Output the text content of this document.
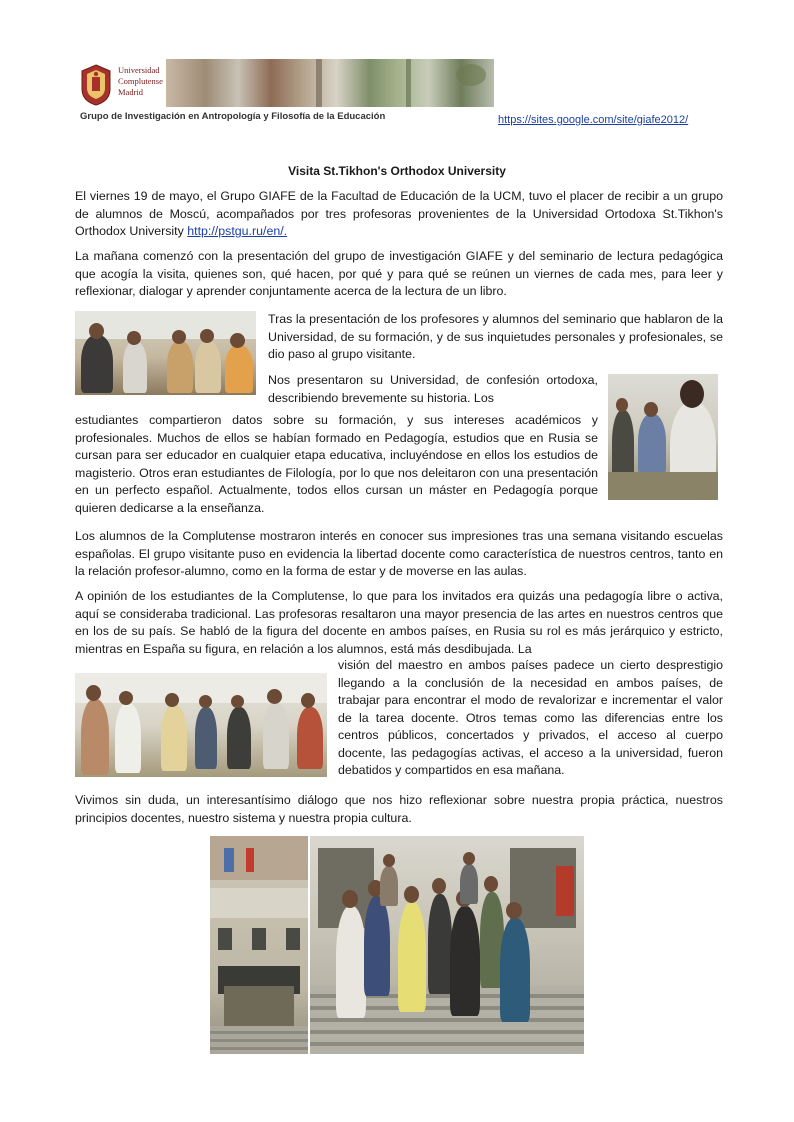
Universidad
Complutense
Madrid
Grupo de Investigación en Antropología y Filosofía de la Educación	https://sites.google.com/site/giafe2012/
Visita St.Tikhon's Orthodox University

El viernes 19 de mayo, el Grupo GIAFE de la Facultad de Educación de la UCM, tuvo el placer de recibir a un grupo de alumnos de Moscú, acompañados por tres profesoras provenientes de la Universidad Ortodoxa St.Tikhon's Orthodox University http://pstgu.ru/en/.

La mañana comenzó con la presentación del grupo de investigación GIAFE y del seminario de lectura pedagógica que acogía la visita, quienes son, qué hacen, por qué y para qué se reúnen un viernes de cada mes, para leer y reflexionar, dialogar y aprender conjuntamente acerca de la lectura de un libro.

Tras la presentación de los profesores y alumnos del seminario que hablaron de la Universidad, de su formación, y de sus inquietudes personales y profesionales, se dio paso al grupo visitante.

Nos presentaron su Universidad, de confesión ortodoxa, describiendo brevemente su historia. Los

estudiantes compartieron datos sobre su formación, y sus intereses académicos y profesionales. Muchos de ellos se habían formado en Pedagogía, estudios que en Rusia se cursan para ser educador en cualquier etapa educativa, incluyéndose en ellos los estudios de magisterio. Otros eran estudiantes de Filología, por lo que nos deleitaron con una presentación en un perfecto español. Actualmente, todos ellos cursan un máster en Pedagogía porque quieren dedicarse a la enseñanza.

Los alumnos de la Complutense mostraron interés en conocer sus impresiones tras una semana visitando escuelas españolas. El grupo visitante puso en evidencia la libertad docente como característica de nuestros centros, tanto en la relación profesor-alumno, como en la forma de estar y de moverse en las aulas.

A opinión de los estudiantes de la Complutense, lo que para los invitados era quizás una pedagogía libre o activa, aquí se consideraba tradicional. Las profesoras resaltaron una mayor presencia de las artes en nuestros centros que en los de su país. Se habló de la figura del docente en ambos países, en Rusia su rol es más jerárquico y estricto, mientras en España su figura, en relación a los alumnos, está más desdibujada. La

visión del maestro en ambos países padece un cierto desprestigio llegando a la conclusión de la necesidad en ambos países, de trabajar para encontrar el modo de revalorizar e incrementar el valor de la tarea docente. Otros temas como las diferencias entre los centros públicos, concertados y privados, el acceso al cuerpo docente, las pedagogías activas, el acceso a la universidad, fueron debatidos y compartidos en esa mañana.

Vivimos sin duda, un interesantísimo diálogo que nos hizo reflexionar sobre nuestra propia práctica, nuestros principios docentes, nuestro sistema y nuestra propia cultura.
